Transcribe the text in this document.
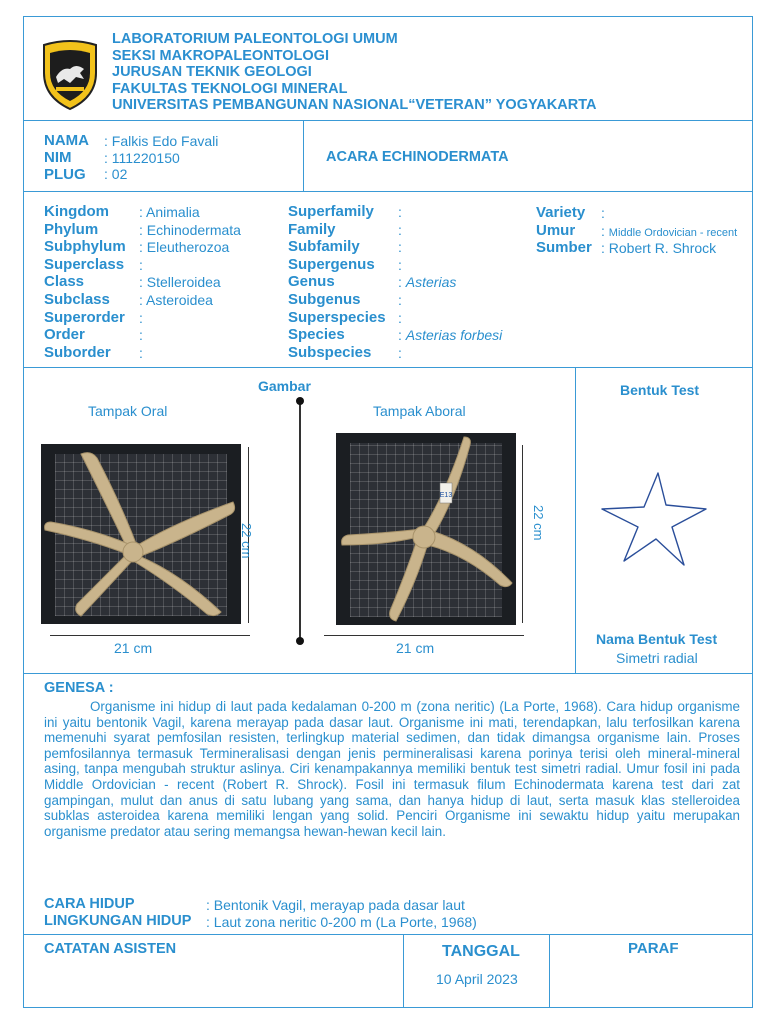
LABORATORIUM PALEONTOLOGI UMUM
SEKSI MAKROPALEONTOLOGI
JURUSAN TEKNIK GEOLOGI
FAKULTAS TEKNOLOGI MINERAL
UNIVERSITAS PEMBANGUNAN NASIONAL“VETERAN” YOGYAKARTA
NAMA : Falkis Edo Favali
NIM : 111220150
PLUG : 02
ACARA ECHINODERMATA
Kingdom : Animalia
Phylum	: Echinodermata
Subphylum : Eleutherozoa
Superclass :
Class	: Stelleroidea
Subclass : Asteroidea
Superorder :
Order	:
Suborder :
Superfamily :
Family	:
Subfamily	:
Supergenus :
Genus	: Asterias
Subgenus	:
Superspecies :
Species	: Asterias forbesi
Subspecies :
Variety :
Umur : Middle Ordovician - recent
Sumber : Robert R. Shrock
Gambar
Tampak Oral	Tampak Aboral
22 cm
21 cm
E13
22 cm
21 cm
Bentuk Test
Nama Bentuk Test
Simetri radial
GENESA :

Organisme ini hidup di laut pada kedalaman 0-200 m (zona neritic) (La Porte, 1968). Cara hidup organisme ini yaitu bentonik Vagil, karena merayap pada dasar laut. Organisme ini mati, terendapkan, lalu terfosilkan karena memenuhi syarat pemfosilan resisten, terlingkup material sedimen, dan tidak dimangsa organisme lain. Proses pemfosilannya termasuk Termineralisasi dengan jenis permineralisasi karena porinya terisi oleh mineral-mineral asing, tanpa mengubah struktur aslinya. Ciri kenampakannya memiliki bentuk test simetri radial. Umur fosil ini pada Middle Ordovician - recent (Robert R. Shrock). Fosil ini termasuk filum Echinodermata karena test dari zat gampingan, mulut dan anus di satu lubang yang sama, dan hanya hidup di laut, serta masuk klas stelleroidea subklas asteroidea karena memiliki lengan yang solid. Penciri Organisme ini sewaktu hidup yaitu merupakan organisme predator atau sering memangsa hewan-hewan kecil lain.

CARA HIDUP	: Bentonik Vagil, merayap pada dasar laut
LINGKUNGAN HIDUP : Laut zona neritic 0-200 m (La Porte, 1968)
CATATAN ASISTEN	TANGGAL
10 April 2023
PARAF
